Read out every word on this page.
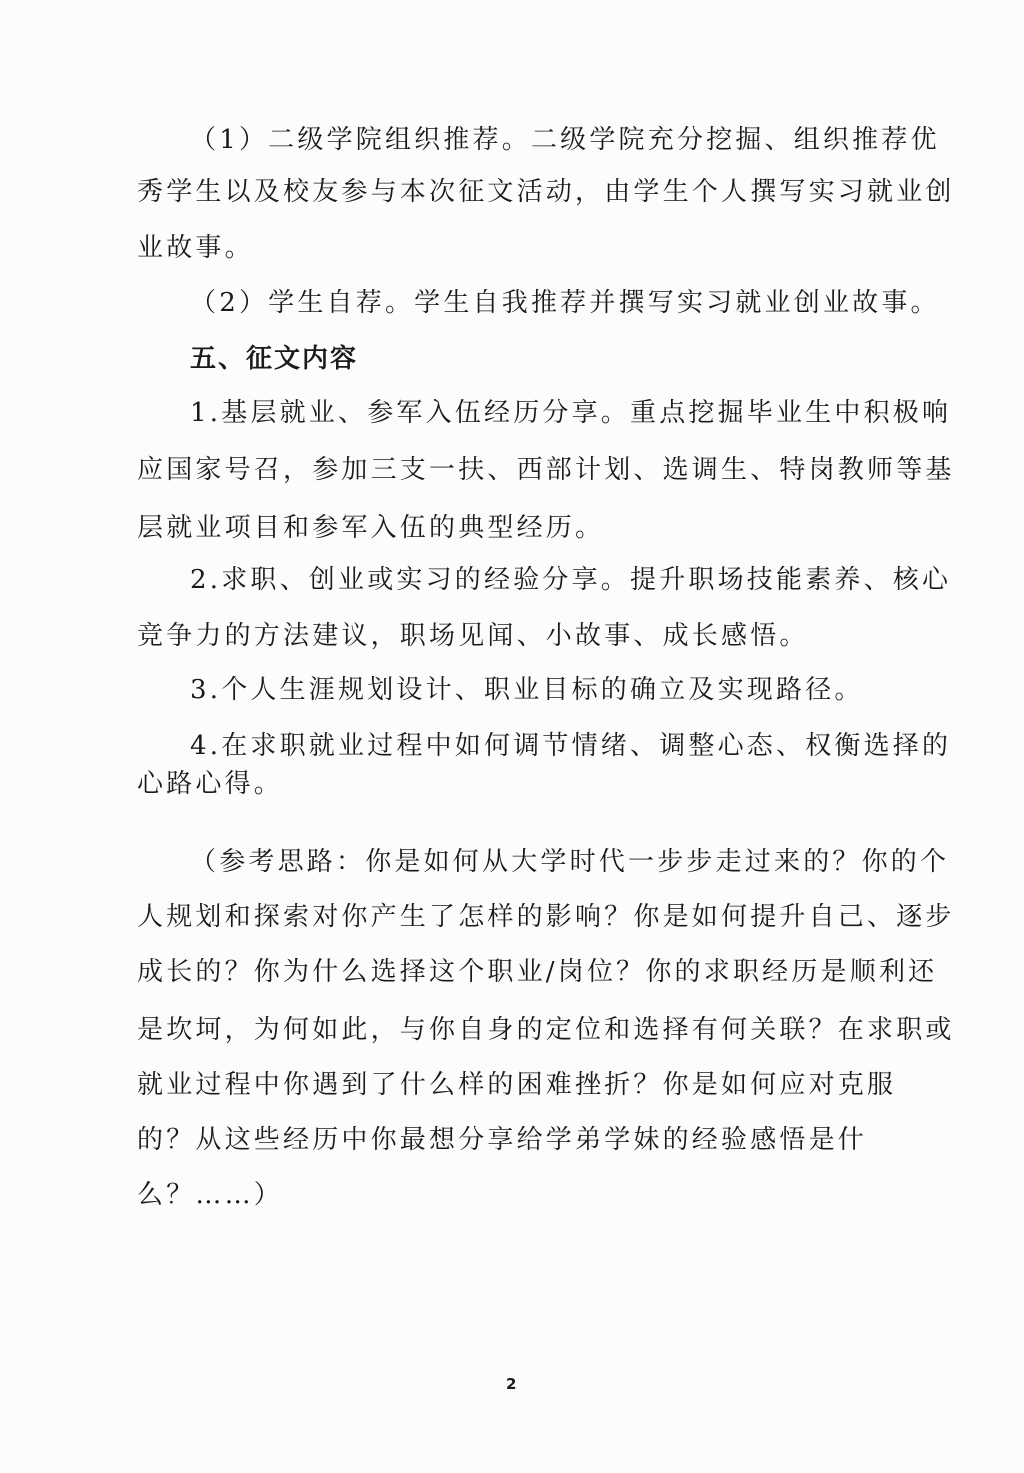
（1）二级学院组织推荐。二级学院充分挖掘、组织推荐优
秀学生以及校友参与本次征文活动，由学生个人撰写实习就业创
业故事。
（2）学生自荐。学生自我推荐并撰写实习就业创业故事。
五、征文内容
1.基层就业、参军入伍经历分享。重点挖掘毕业生中积极响
应国家号召，参加三支一扶、西部计划、选调生、特岗教师等基
层就业项目和参军入伍的典型经历。
2.求职、创业或实习的经验分享。提升职场技能素养、核心
竞争力的方法建议，职场见闻、小故事、成长感悟。
3.个人生涯规划设计、职业目标的确立及实现路径。
4.在求职就业过程中如何调节情绪、调整心态、权衡选择的
心路心得。
（参考思路：你是如何从大学时代一步步走过来的？你的个
人规划和探索对你产生了怎样的影响？你是如何提升自己、逐步
成长的？你为什么选择这个职业/岗位？你的求职经历是顺利还
是坎坷，为何如此，与你自身的定位和选择有何关联？在求职或
就业过程中你遇到了什么样的困难挫折？你是如何应对克服
的？从这些经历中你最想分享给学弟学妹的经验感悟是什
么？……）
2
